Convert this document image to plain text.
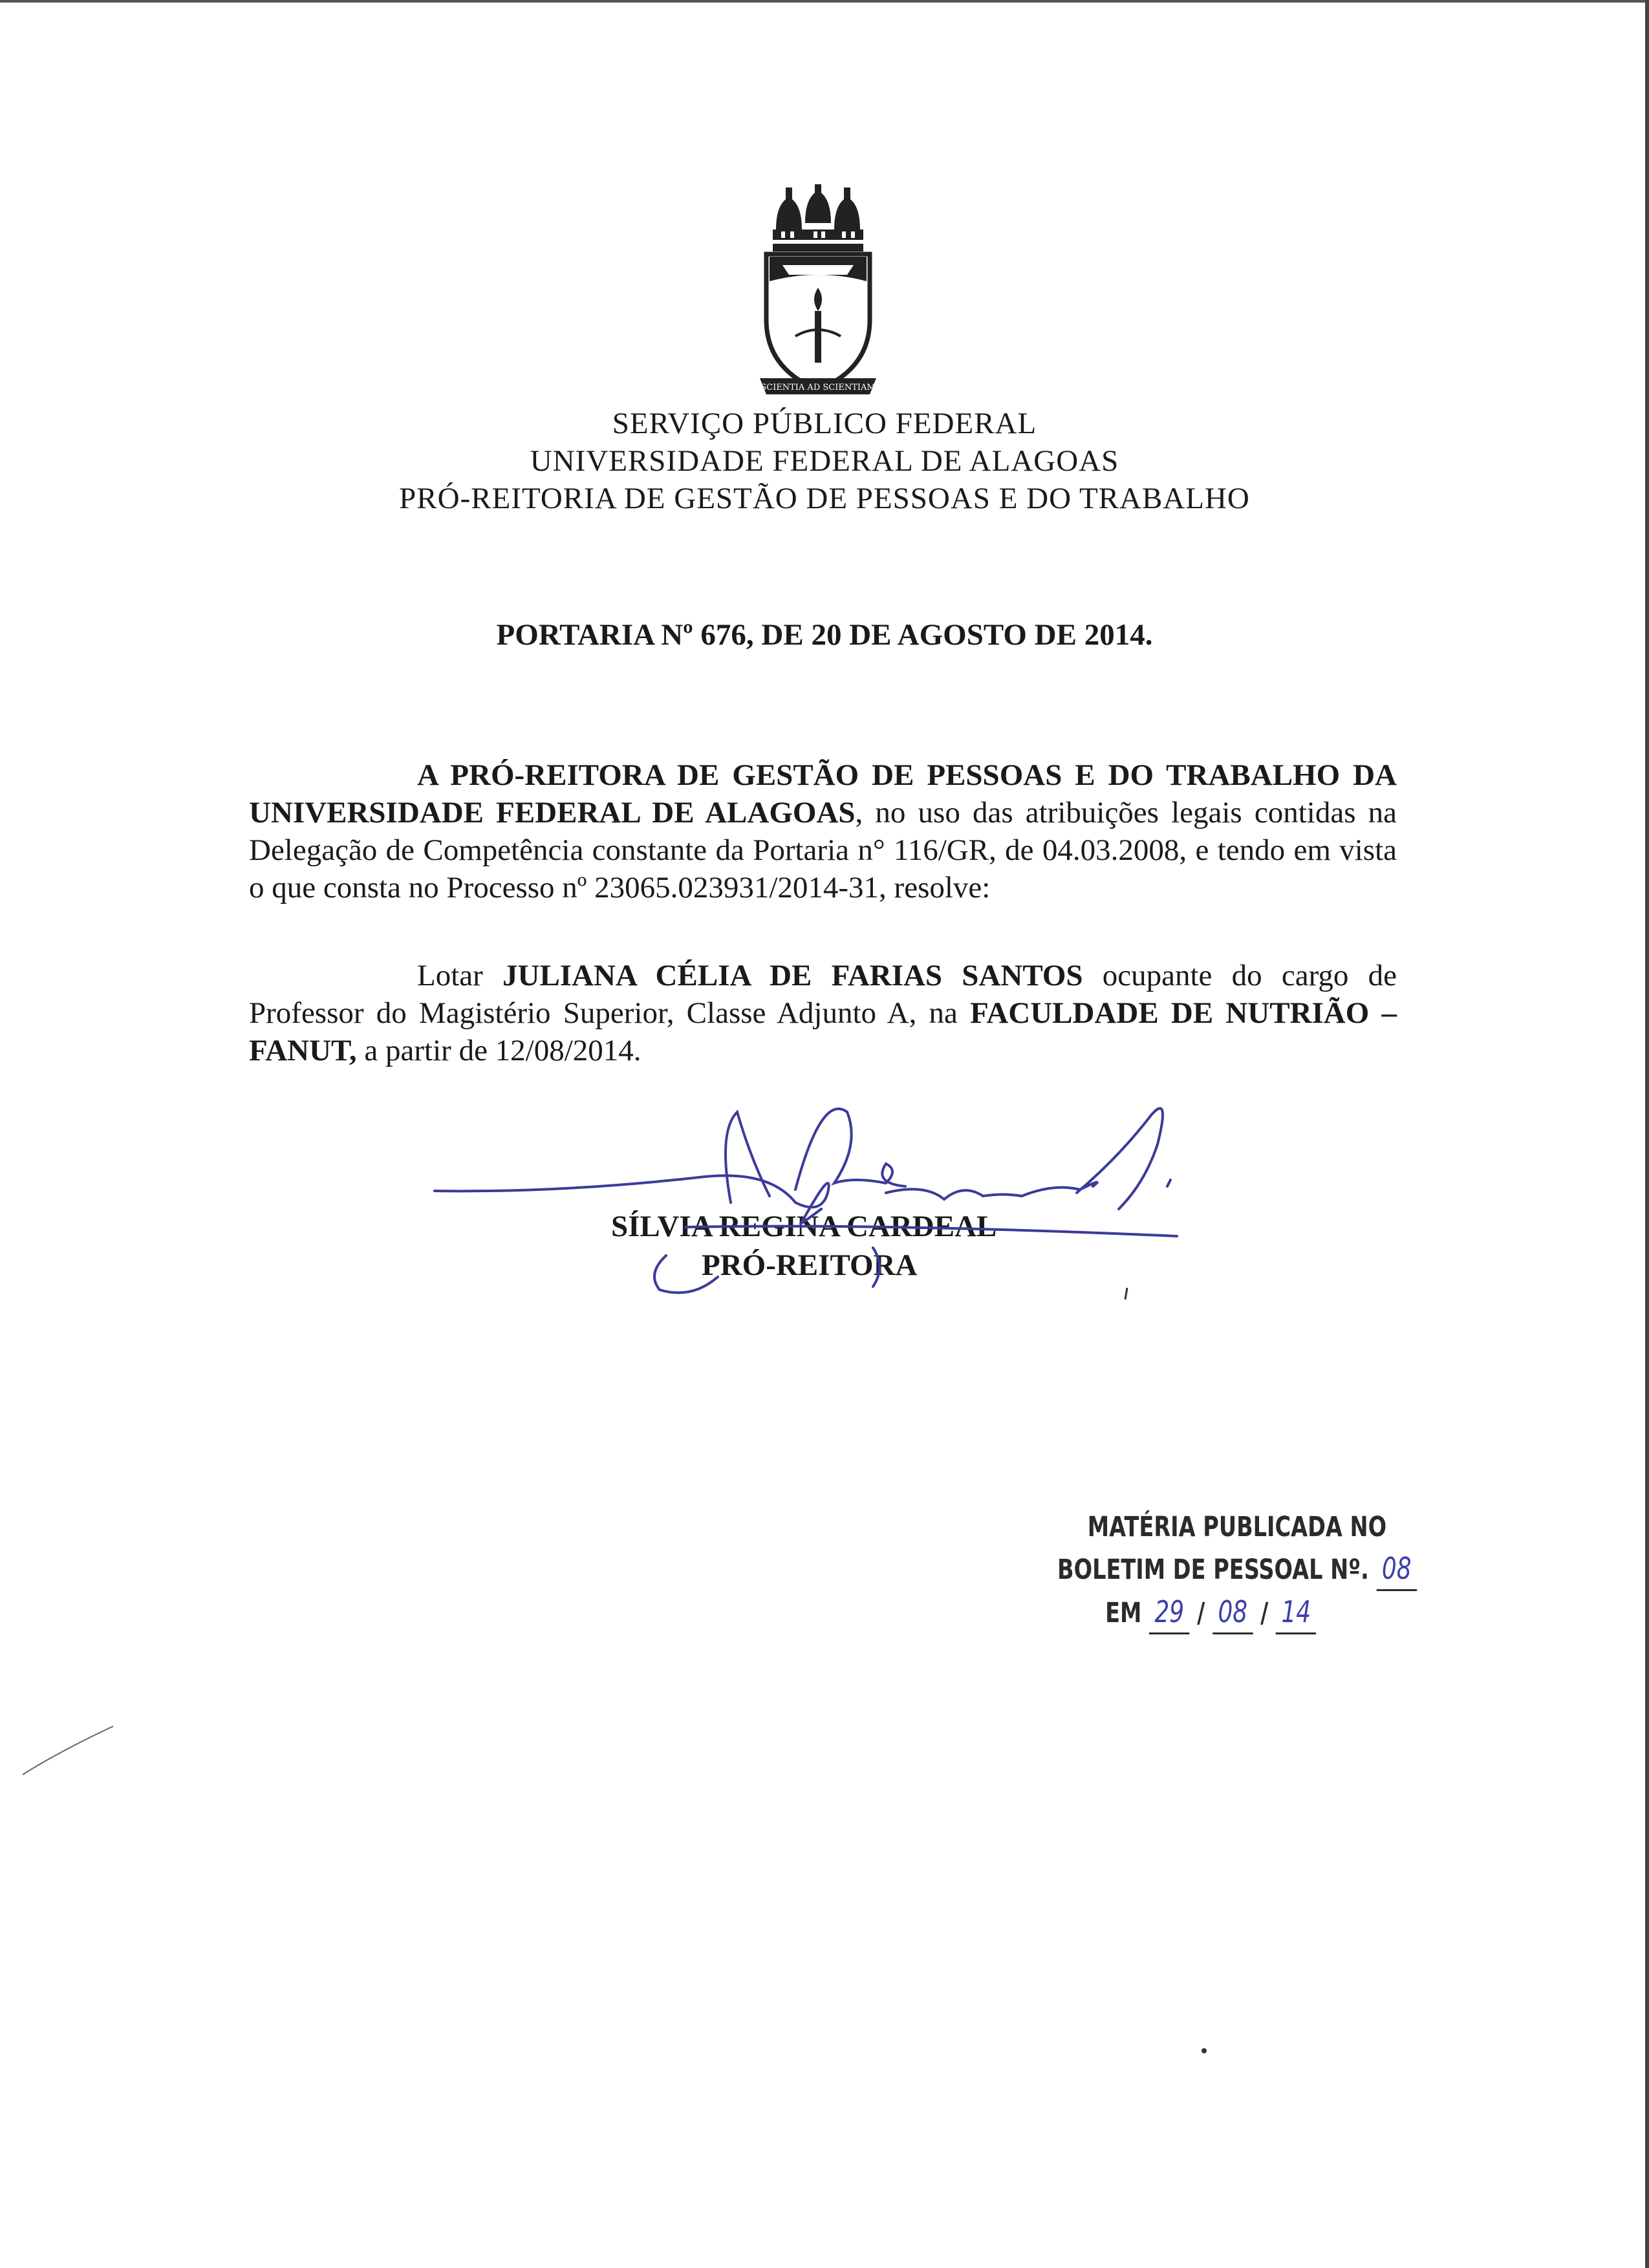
SCIENTIA AD SCIENTIAM
SERVIÇO PÚBLICO FEDERAL
UNIVERSIDADE FEDERAL DE ALAGOAS
PRÓ-REITORIA DE GESTÃO DE PESSOAS E DO TRABALHO
PORTARIA Nº 676, DE 20 DE AGOSTO DE 2014.

A PRÓ-REITORA DE GESTÃO DE PESSOAS E DO TRABALHO DA UNIVERSIDADE FEDERAL DE ALAGOAS, no uso das atribuições legais contidas na Delegação de Competência constante da Portaria n° 116/GR, de 04.03.2008, e tendo em vista o que consta no Processo nº 23065.023931/2014-31, resolve:

Lotar JULIANA CÉLIA DE FARIAS SANTOS ocupante do cargo de Professor do Magistério Superior, Classe Adjunto A, na FACULDADE DE NUTRIÃO – FANUT, a partir de 12/08/2014.

SÍLVIA REGINA CARDEAL
PRÓ-REITORA
MATÉRIA PUBLICADA NO
BOLETIM DE PESSOAL Nº. 08
EM 29 / 08 / 14
